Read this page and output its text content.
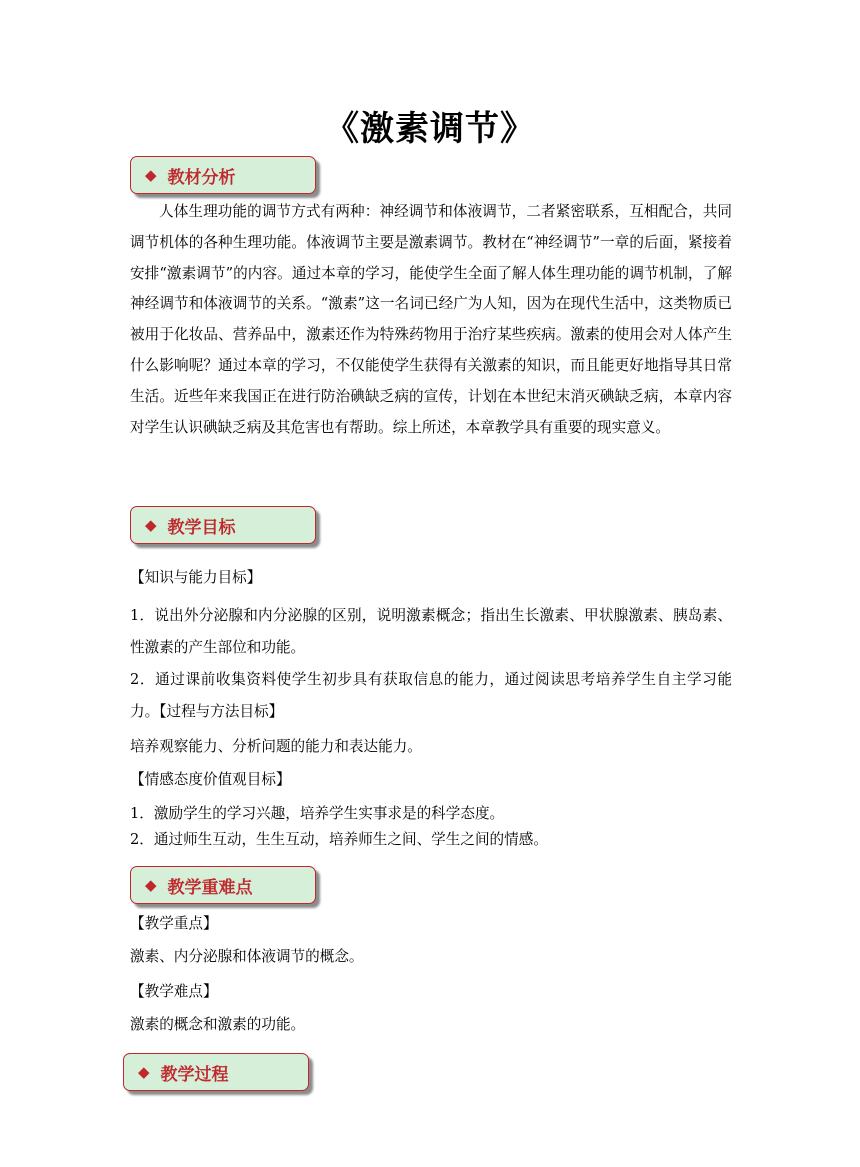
《激素调节》
◆ 教材分析

人体生理功能的调节方式有两种：神经调节和体液调节，二者紧密联系，互相配合，共同调节机体的各种生理功能。体液调节主要是激素调节。教材在“神经调节”一章的后面，紧接着安排“激素调节”的内容。通过本章的学习，能使学生全面了解人体生理功能的调节机制，了解神经调节和体液调节的关系。“激素”这一名词已经广为人知，因为在现代生活中，这类物质已被用于化妆品、营养品中，激素还作为特殊药物用于治疗某些疾病。激素的使用会对人体产生什么影响呢？通过本章的学习，不仅能使学生获得有关激素的知识，而且能更好地指导其日常生活。近些年来我国正在进行防治碘缺乏病的宣传，计划在本世纪末消灭碘缺乏病，本章内容对学生认识碘缺乏病及其危害也有帮助。综上所述，本章教学具有重要的现实意义。

◆ 教学目标

【知识与能力目标】

1．说出外分泌腺和内分泌腺的区别，说明激素概念；指出生长激素、甲状腺激素、胰岛素、性激素的产生部位和功能。

2．通过课前收集资料使学生初步具有获取信息的能力，通过阅读思考培养学生自主学习能力。【过程与方法目标】

培养观察能力、分析问题的能力和表达能力。

【情感态度价值观目标】

1．激励学生的学习兴趣，培养学生实事求是的科学态度。

2．通过师生互动，生生互动，培养师生之间、学生之间的情感。

◆ 教学重难点

【教学重点】

激素、内分泌腺和体液调节的概念。

【教学难点】

激素的概念和激素的功能。

◆ 教学过程
